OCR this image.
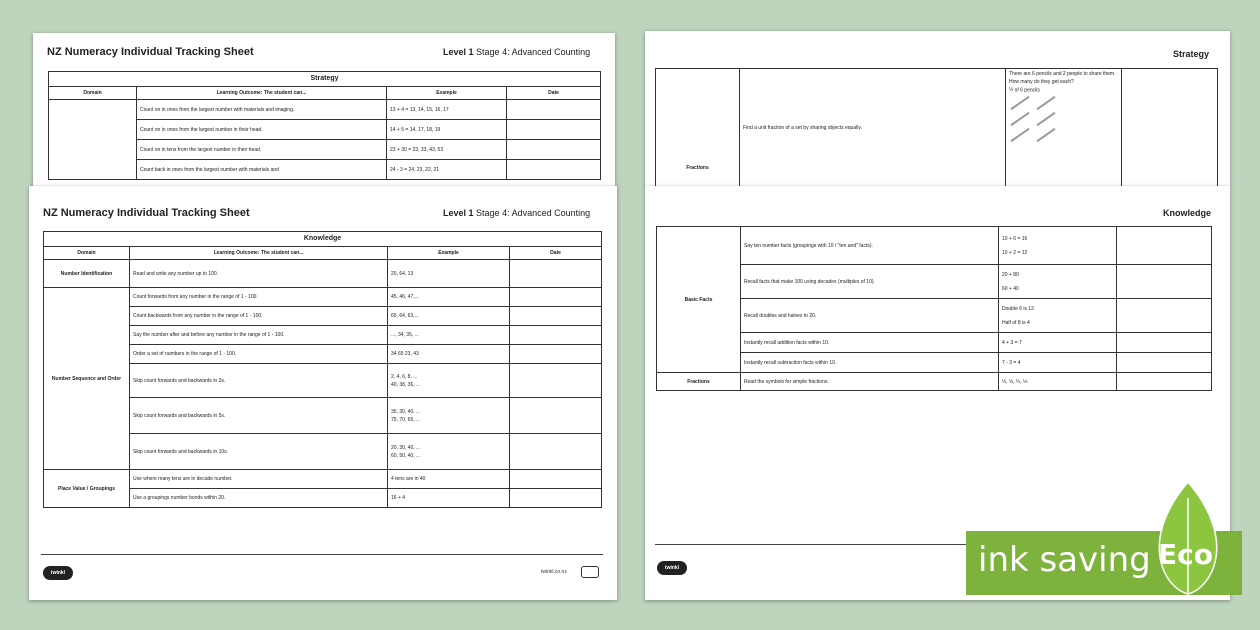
NZ Numeracy Individual Tracking Sheet	Level 1 Stage 4: Advanced Counting
Strategy			
Domain	Learning Outcome: The student can...	Example	Date
	Count on in ones from the largest number with materials and imaging.	13 + 4 = 13, 14, 15, 16, 17	
	Count on in ones from the largest number in their head.	14 + 5 = 14, 17, 18, 19	
	Count on in tens from the largest number in their head.	23 + 30 = 23, 33, 43, 53	
	Count back in ones from the largest number with materials and	24 - 3 = 24, 23, 22, 21	
NZ Numeracy Individual Tracking Sheet	Level 1 Stage 4: Advanced Counting
Knowledge			
Domain	Learning Outcome: The student can...	Example	Date
Number Identification	Read and write any number up to 100.	20, 64, 13	
Number Sequence and Order	Count forwards from any number in the range of 1 - 100.	45, 46, 47,...	
	Count backwards from any number in the range of 1 - 100.	65, 64, 63,...	
	Say the number after and before any number in the range of 1 - 100.	..., 34, 35, ...	
	Order a set of numbers in the range of 1 - 100.	34 65 23, 43	
	Skip count forwards and backwards in 2s.	2, 4, 6, 8, ...
40, 38, 36, ...	

	Skip count forwards and backwards in 5s.	35, 30, 40, ...
75, 70, 65, ...	

	Skip count forwards and backwards in 10s.	20, 30, 40, ...
60, 50, 40, ...	

Place Value / Groupings	Use where many tens are in decade number.	4 tens are in 40	
	Use a groupings number bonds within 20.	16 + 4	
twinkl	twinkl.co.nz
Strategy
Fractions	Find a unit fraction of a set by sharing objects equally.	
There are 6 pencils and 2 people to share them. How many do they get each?
½ of 6 pencils

Knowledge
Basic Facts	Say ten number facts (groupings with 10 / "ten and" facts).	10 + 6 = 16
10 + 2 = 12	

	Recall facts that make 100 using decades (multiples of 10).	20 + 80
60 + 40	

	Recall doubles and halves to 20.	Double 6 is 12
Half of 8 is 4	

	Instantly recall addition facts within 10.	4 + 3 = 7	
	Instantly recall subtraction facts within 10.	7 - 3 = 4	
Fractions	Read the symbols for simple fractions.	½, ⅓, ¼, ⅕	
twinkl	ink saving Eco
